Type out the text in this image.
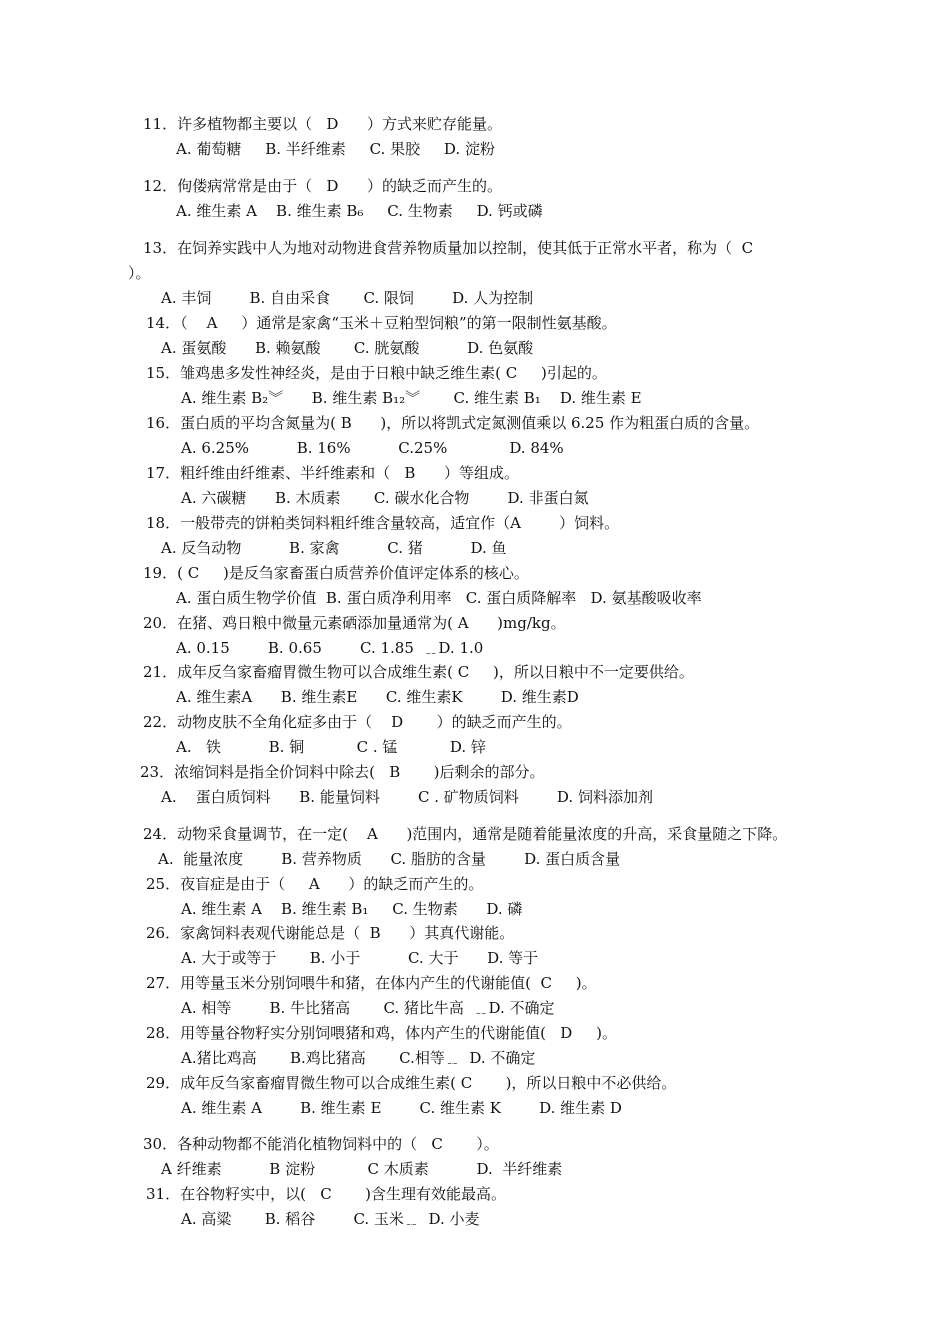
11．许多植物都主要以（   D      ）方式来贮存能量。
A. 葡萄糖     B. 半纤维素     C. 果胶     D. 淀粉
12．佝偻病常常是由于（   D      ）的缺乏而产生的。
A. 维生素 A    B. 维生素 B₆     C. 生物素     D. 钙或磷
13．在饲养实践中人为地对动物进食营养物质量加以控制，使其低于正常水平者，称为（  C
）。
A. 丰饲        B. 自由采食       C. 限饲        D. 人为控制
14．（    A     ）通常是家禽“玉米＋豆粕型饲粮”的第一限制性氨基酸。
A. 蛋氨酸      B. 赖氨酸       C. 胱氨酸          D. 色氨酸
15．雏鸡患多发性神经炎，是由于日粮中缺乏维生素( C     )引起的。
A. 维生素 B₂︾      B. 维生素 B₁₂︾       C. 维生素 B₁    D. 维生素 E
16．蛋白质的平均含氮量为( B      )，所以将凯式定氮测值乘以 6.25 作为粗蛋白质的含量。
A. 6.25%          B. 16%          C.25%             D. 84%
17．粗纤维由纤维素、半纤维素和（   B      ）等组成。
A. 六碳糖      B. 木质素       C. 碳水化合物        D. 非蛋白氮
18．一般带壳的饼粕类饲料粗纤维含量较高，适宜作（A        ）饲料。
A. 反刍动物          B. 家禽          C. 猪          D. 鱼
19．( C     )是反刍家畜蛋白质营养价值评定体系的核心。
A. 蛋白质生物学价值  B. 蛋白质净利用率   C. 蛋白质降解率   D. 氨基酸吸收率
20．在猪、鸡日粮中微量元素硒添加量通常为( A      )mg/kg。
A. 0.15        B. 0.65        C. 1.85  ﹎D. 1.0
21．成年反刍家畜瘤胃微生物可以合成维生素( C     )，所以日粮中不一定要供给。
A. 维生素A      B. 维生素E      C. 维生素K        D. 维生素D
22．动物皮肤不全角化症多由于（    D       ）的缺乏而产生的。
A.   铁          B. 铜           C . 锰           D. 锌
23．浓缩饲料是指全价饲料中除去(   B       )后剩余的部分。
A.    蛋白质饲料      B. 能量饲料        C . 矿物质饲料        D. 饲料添加剂
24．动物采食量调节，在一定(    A      )范围内，通常是随着能量浓度的升高，采食量随之下降。
A.  能量浓度        B. 营养物质      C. 脂肪的含量        D. 蛋白质含量
25．夜盲症是由于（     A      ）的缺乏而产生的。
A. 维生素 A    B. 维生素 B₁     C. 生物素      D. 磷
26．家禽饲料表观代谢能总是（  B      ）其真代谢能。
A. 大于或等于       B. 小于          C. 大于      D. 等于
27．用等量玉米分别饲喂牛和猪，在体内产生的代谢能值(  C     )。
A. 相等        B. 牛比猪高       C. 猪比牛高  ﹎D. 不确定
28．用等量谷物籽实分别饲喂猪和鸡，体内产生的代谢能值(   D     )。
A.猪比鸡高       B.鸡比猪高       C.相等﹎  D. 不确定
29．成年反刍家畜瘤胃微生物可以合成维生素( C       )，所以日粮中不必供给。
A. 维生素 A        B. 维生素 E        C. 维生素 K        D. 维生素 D
30．各种动物都不能消化植物饲料中的（   C       ）。
A 纤维素          B 淀粉           C 木质素          D.  半纤维素
31．在谷物籽实中，以(   C       )含生理有效能最高。
A. 高粱       B. 稻谷        C. 玉米﹎  D. 小麦
